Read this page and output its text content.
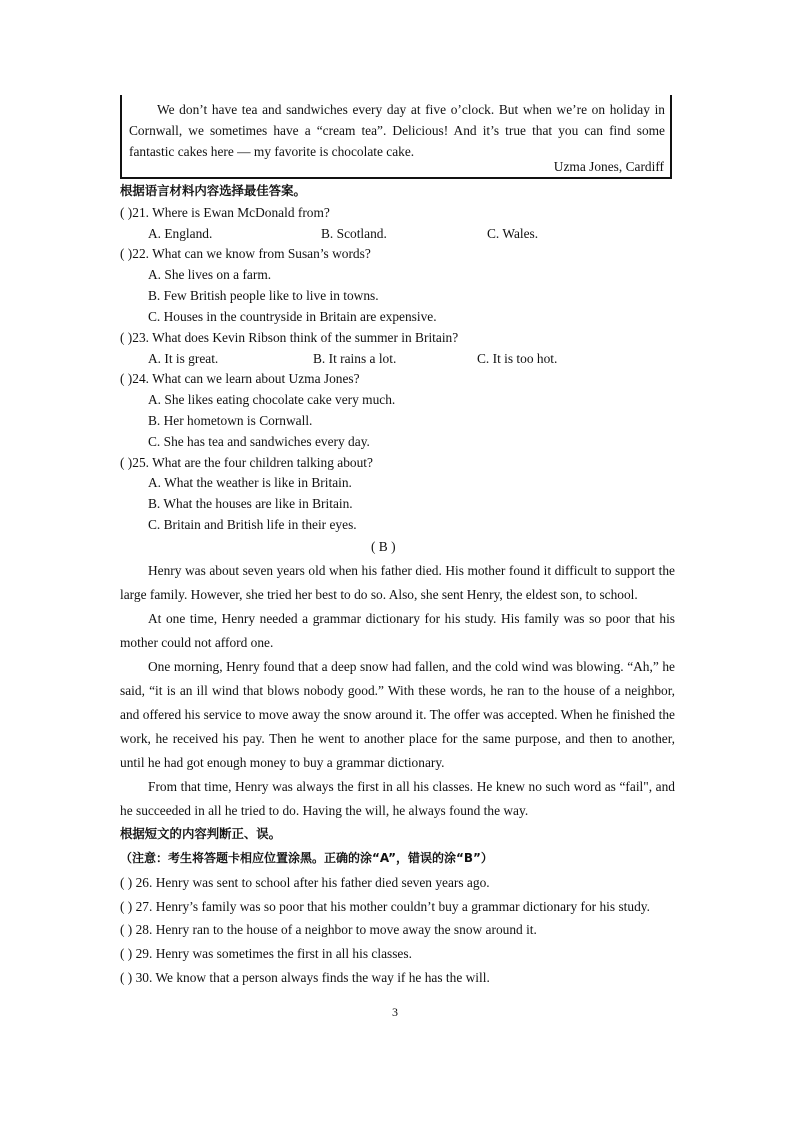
We don’t have tea and sandwiches every day at five o’clock. But when we’re on holiday in Cornwall, we sometimes have a “cream tea”. Delicious! And it’s true that you can find some fantastic cakes here — my favorite is chocolate cake.
Uzma Jones, Cardiff
根据语言材料内容选择最佳答案。
( )21. Where is Ewan McDonald from?
A. England.	B. Scotland.	C. Wales.
( )22. What can we know from Susan’s words?
A. She lives on a farm.
B. Few British people like to live in towns.
C. Houses in the countryside in Britain are expensive.
( )23. What does Kevin Ribson think of the summer in Britain?
A. It is great.	B. It rains a lot.	C. It is too hot.
( )24. What can we learn about Uzma Jones?
A. She likes eating chocolate cake very much.
B. Her hometown is Cornwall.
C. She has tea and sandwiches every day.
( )25. What are the four children talking about?
A. What the weather is like in Britain.
B. What the houses are like in Britain.
C. Britain and British life in their eyes.
( B )
Henry was about seven years old when his father died. His mother found it difficult to support the large family. However, she tried her best to do so. Also, she sent Henry, the eldest son, to school.
At one time, Henry needed a grammar dictionary for his study. His family was so poor that his mother could not afford one.
One morning, Henry found that a deep snow had fallen, and the cold wind was blowing. “Ah,” he said, “it is an ill wind that blows nobody good.” With these words, he ran to the house of a neighbor, and offered his service to move away the snow around it. The offer was accepted. When he finished the work, he received his pay. Then he went to another place for the same purpose, and then to another, until he had got enough money to buy a grammar dictionary.
From that time, Henry was always the first in all his classes. He knew no such word as “fail", and he succeeded in all he tried to do. Having the will, he always found the way.
根据短文的内容判断正、误。
（注意：考生将答题卡相应位置涂黑。正确的涂“A”，错误的涂“B”）
( ) 26. Henry was sent to school after his father died seven years ago.
( ) 27. Henry’s family was so poor that his mother couldn’t buy a grammar dictionary for his study.
( ) 28. Henry ran to the house of a neighbor to move away the snow around it.
( ) 29. Henry was sometimes the first in all his classes.
( ) 30. We know that a person always finds the way if he has the will.
3
